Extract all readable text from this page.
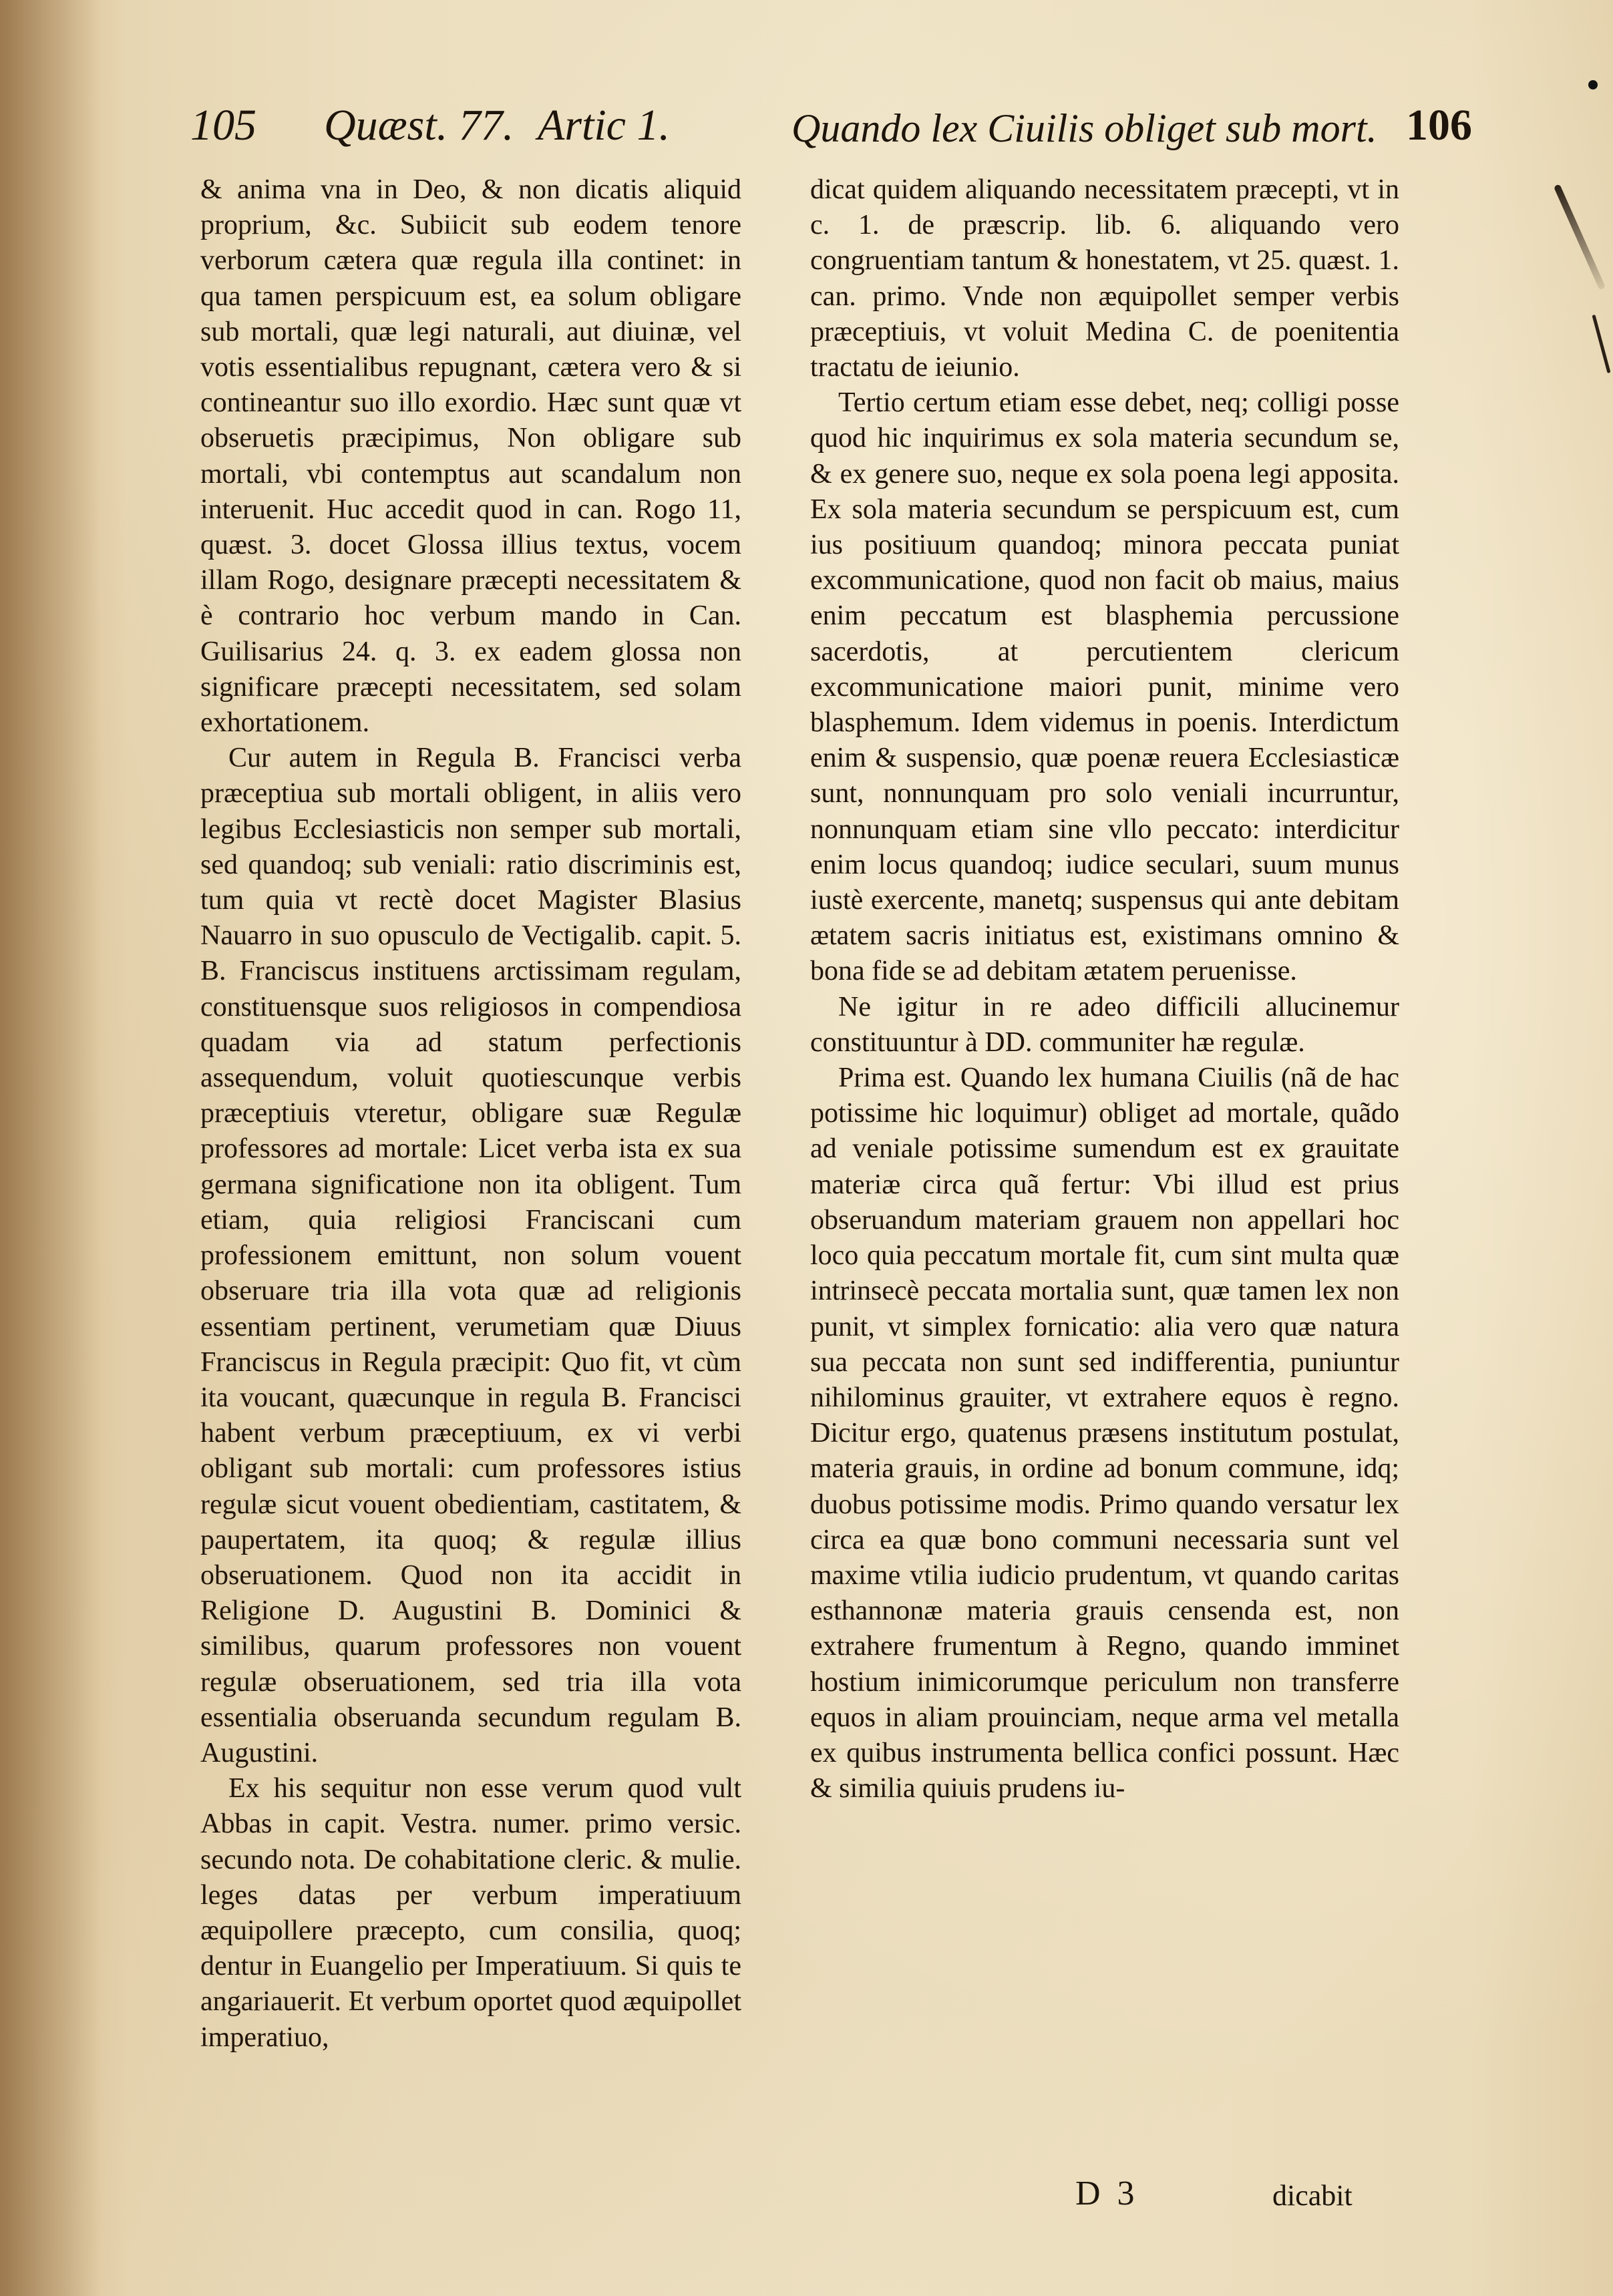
105 Quæst. 77. Artic 1.	Quando lex Ciuilis obliget sub mort. 106

& anima vna in Deo, & non dicatis aliquid proprium, &c. Subiicit sub eodem tenore verborum cætera quæ regula illa continet: in qua tamen perspicuum est, ea solum obligare sub mortali, quæ legi naturali, aut diuinæ, vel votis essentialibus repugnant, cætera vero & si contineantur suo illo exordio. Hæc sunt quæ vt obseruetis præcipimus, Non obligare sub mortali, vbi contemptus aut scandalum non interuenit. Huc accedit quod in can. Rogo 11, quæst. 3. docet Glossa illius textus, vocem illam Rogo, designare præcepti necessitatem & è contrario hoc verbum mando in Can. Guilisarius 24. q. 3. ex eadem glossa non significare præcepti necessitatem, sed solam exhortationem.

Cur autem in Regula B. Francisci verba præceptiua sub mortali obligent, in aliis vero legibus Ecclesiasticis non semper sub mortali, sed quandoq; sub veniali: ratio discriminis est, tum quia vt rectè docet Magister Blasius Nauarro in suo opusculo de Vectigalib. capit. 5. B. Franciscus instituens arctissimam regulam, constituensque suos religiosos in compendiosa quadam via ad statum perfectionis assequendum, voluit quotiescunque verbis præceptiuis vteretur, obligare suæ Regulæ professores ad mortale: Licet verba ista ex sua germana significatione non ita obligent. Tum etiam, quia religiosi Franciscani cum professionem emittunt, non solum vouent obseruare tria illa vota quæ ad religionis essentiam pertinent, verumetiam quæ Diuus Franciscus in Regula præcipit: Quo fit, vt cùm ita voucant, quæcunque in regula B. Francisci habent verbum præceptiuum, ex vi verbi obligant sub mortali: cum professores istius regulæ sicut vouent obedientiam, castitatem, & paupertatem, ita quoq; & regulæ illius obseruationem. Quod non ita accidit in Religione D. Augustini B. Dominici & similibus, quarum professores non vouent regulæ obseruationem, sed tria illa vota essentialia obseruanda secundum regulam B. Augustini.

Ex his sequitur non esse verum quod vult Abbas in capit. Vestra. numer. primo versic. secundo nota. De cohabitatione cleric. & mulie. leges datas per verbum imperatiuum æquipollere præcepto, cum consilia, quoq; dentur in Euangelio per Imperatiuum. Si quis te angariauerit. Et verbum oportet quod æquipollet imperatiuo,

dicat quidem aliquando necessitatem præcepti, vt in c. 1. de præscrip. lib. 6. aliquando vero congruentiam tantum & honestatem, vt 25. quæst. 1. can. primo. Vnde non æquipollet semper verbis præceptiuis, vt voluit Medina C. de poenitentia tractatu de ieiunio.

Tertio certum etiam esse debet, neq; colligi posse quod hic inquirimus ex sola materia secundum se, & ex genere suo, neque ex sola poena legi apposita. Ex sola materia secundum se perspicuum est, cum ius positiuum quandoq; minora peccata puniat excommunicatione, quod non facit ob maius, maius enim peccatum est blasphemia percussione sacerdotis, at percutientem clericum excommunicatione maiori punit, minime vero blasphemum. Idem videmus in poenis. Interdictum enim & suspensio, quæ poenæ reuera Ecclesiasticæ sunt, nonnunquam pro solo veniali incurruntur, nonnunquam etiam sine vllo peccato: interdicitur enim locus quandoq; iudice seculari, suum munus iustè exercente, manetq; suspensus qui ante debitam ætatem sacris initiatus est, existimans omnino & bona fide se ad debitam ætatem peruenisse.

Ne igitur in re adeo difficili allucinemur constituuntur à DD. communiter hæ regulæ.

Prima est. Quando lex humana Ciuilis (nã de hac potissime hic loquimur) obliget ad mortale, quãdo ad veniale potissime sumendum est ex grauitate materiæ circa quã fertur: Vbi illud est prius obseruandum materiam grauem non appellari hoc loco quia peccatum mortale fit, cum sint multa quæ intrinsecè peccata mortalia sunt, quæ tamen lex non punit, vt simplex fornicatio: alia vero quæ natura sua peccata non sunt sed indifferentia, puniuntur nihilominus grauiter, vt extrahere equos è regno. Dicitur ergo, quatenus præsens institutum postulat, materia grauis, in ordine ad bonum commune, idq; duobus potissime modis. Primo quando versatur lex circa ea quæ bono communi necessaria sunt vel maxime vtilia iudicio prudentum, vt quando caritas esthannonæ materia grauis censenda est, non extrahere frumentum à Regno, quando imminet hostium inimicorumque periculum non transferre equos in aliam prouinciam, neque arma vel metalla ex quibus instrumenta bellica confici possunt. Hæc & similia quiuis prudens iu-

D 3	dicabit
